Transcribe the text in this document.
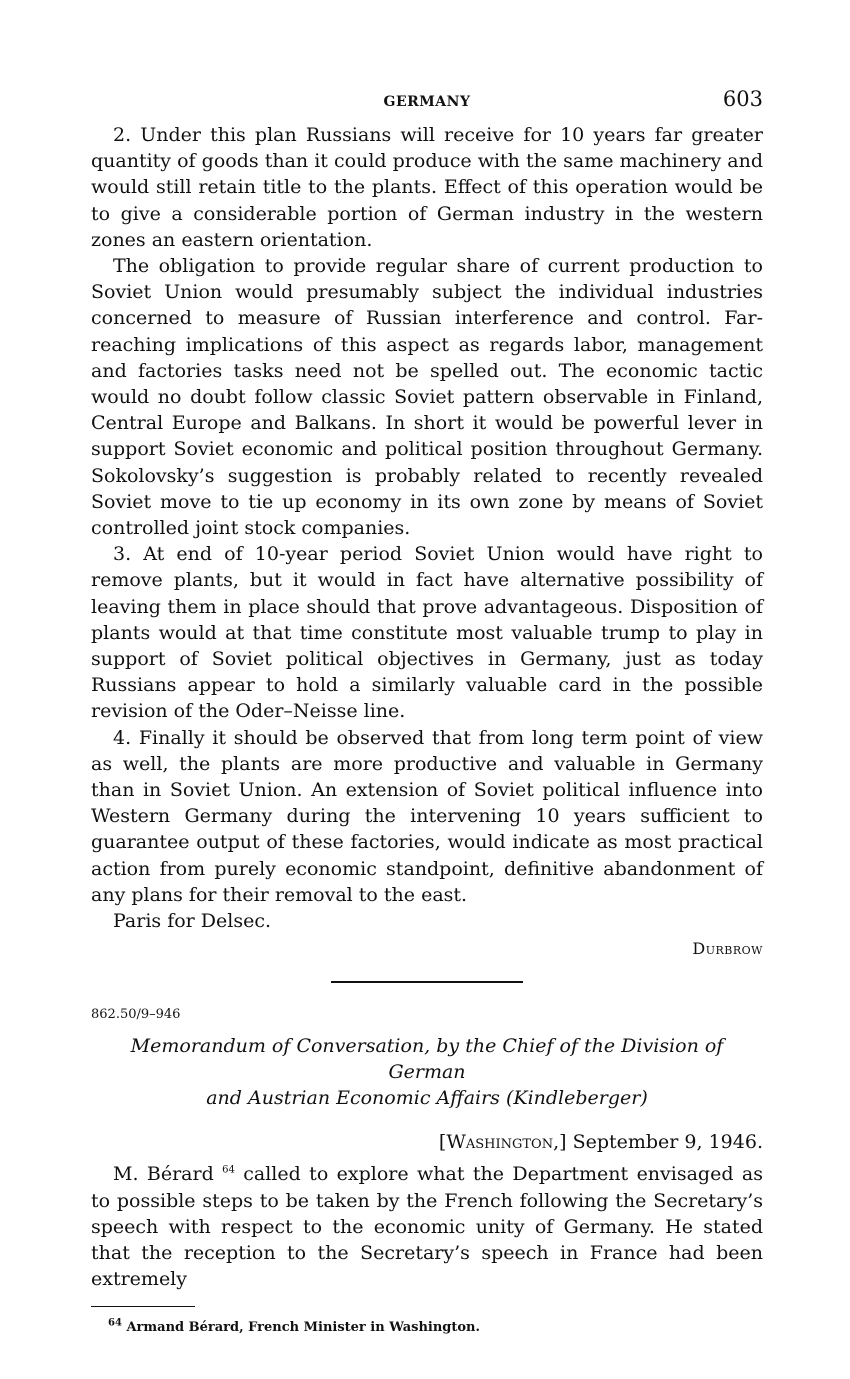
GERMANY	603

2. Under this plan Russians will receive for 10 years far greater quantity of goods than it could produce with the same machinery and would still retain title to the plants. Effect of this operation would be to give a considerable portion of German industry in the western zones an eastern orientation.

The obligation to provide regular share of current production to Soviet Union would presumably subject the individual industries concerned to measure of Russian interference and control. Far-reaching implications of this aspect as regards labor, management and factories tasks need not be spelled out. The economic tactic would no doubt follow classic Soviet pattern observable in Finland, Central Europe and Balkans. In short it would be powerful lever in support Soviet economic and political position throughout Germany. Sokolovsky’s suggestion is probably related to recently revealed Soviet move to tie up economy in its own zone by means of Soviet controlled joint stock companies.

3. At end of 10-year period Soviet Union would have right to remove plants, but it would in fact have alternative possibility of leaving them in place should that prove advantageous. Disposition of plants would at that time constitute most valuable trump to play in support of Soviet political objectives in Germany, just as today Russians appear to hold a similarly valuable card in the possible revision of the Oder–Neisse line.

4. Finally it should be observed that from long term point of view as well, the plants are more productive and valuable in Germany than in Soviet Union. An extension of Soviet political influence into Western Germany during the intervening 10 years sufficient to guarantee output of these factories, would indicate as most practical action from purely economic standpoint, definitive abandonment of any plans for their removal to the east.

Paris for Delsec.

Durbrow
862.50/9–946
Memorandum of Conversation, by the Chief of the Division of German
and Austrian Economic Affairs (Kindleberger)
[Washington,] September 9, 1946.

M. Bérard $^{64}$ called to explore what the Department envisaged as to possible steps to be taken by the French following the Secretary’s speech with respect to the economic unity of Germany. He stated that the reception to the Secretary’s speech in France had been extremely

$^{64}$ Armand Bérard, French Minister in Washington.
